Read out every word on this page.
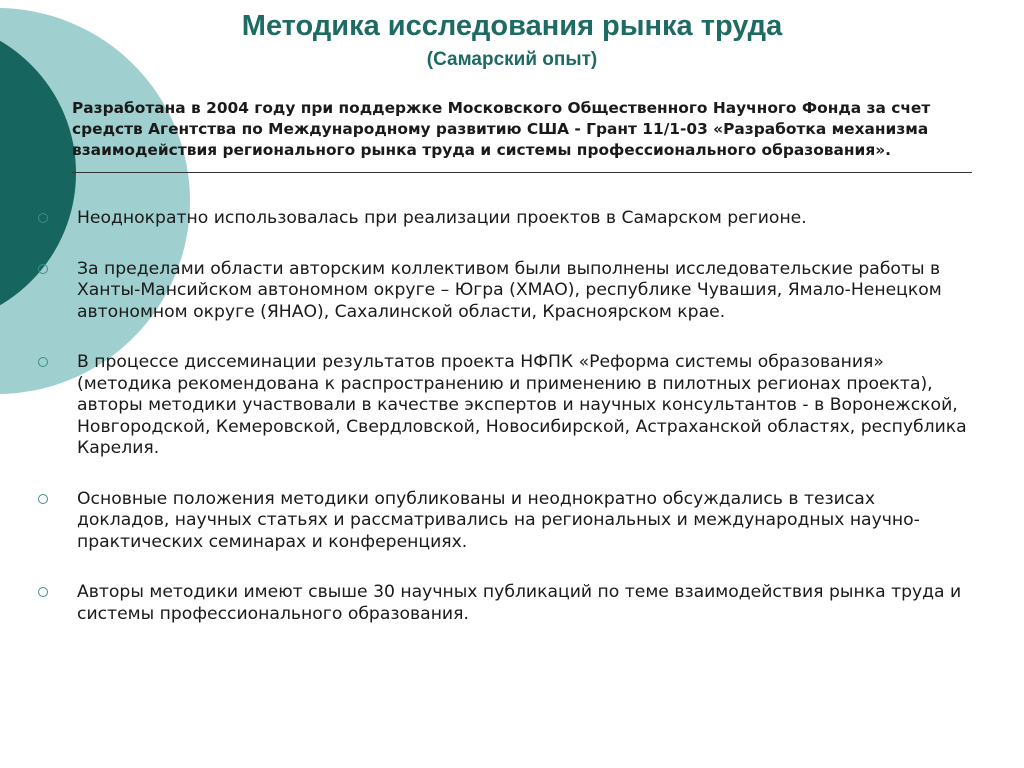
Методика исследования рынка труда
(Самарский опыт)

Разработана в 2004 году при поддержке Московского Общественного Научного Фонда за счет средств Агентства по Международному развитию США - Грант 11/1-03 «Разработка механизма взаимодействия регионального рынка труда и системы профессионального образования».

Неоднократно использовалась при реализации проектов в Самарском регионе.
За пределами области авторским коллективом были выполнены исследовательские работы в Ханты-Мансийском автономном округе – Югра (ХМАО), республике Чувашия, Ямало-Ненецком автономном округе (ЯНАО), Сахалинской области, Красноярском крае.
В процессе диссеминации результатов проекта НФПК «Реформа системы образования» (методика рекомендована к распространению и применению в пилотных регионах проекта), авторы методики участвовали в качестве экспертов и научных консультантов - в Воронежской, Новгородской, Кемеровской, Свердловской, Новосибирской, Астраханской областях, республика Карелия.
Основные положения методики опубликованы и неоднократно обсуждались в тезисах докладов, научных статьях и рассматривались на региональных и международных научно-практических семинарах и конференциях.
Авторы методики имеют свыше 30 научных публикаций по теме взаимодействия рынка труда и системы профессионального образования.
